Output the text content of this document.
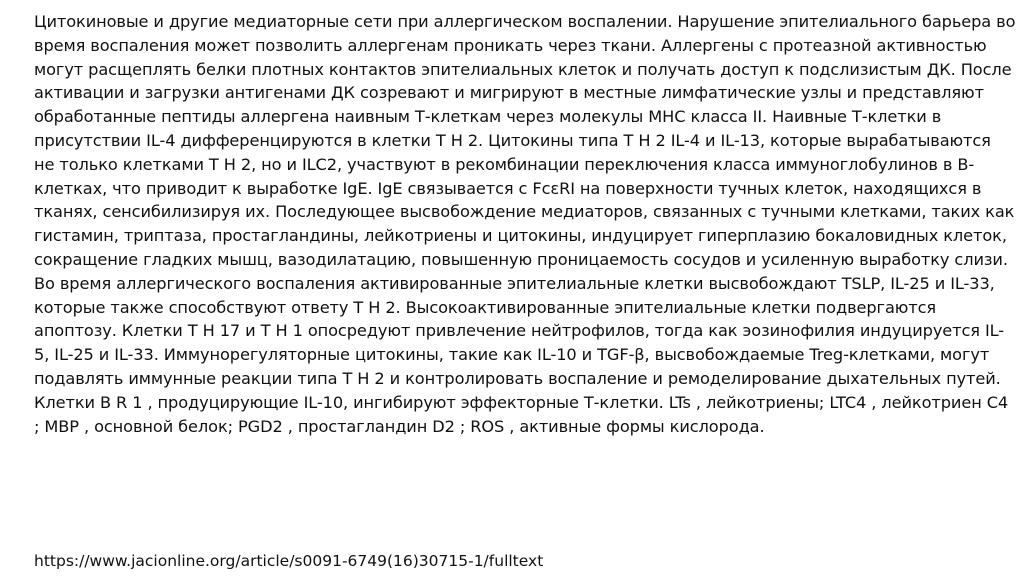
Цитокиновые и другие медиаторные сети при аллергическом воспалении. Нарушение эпителиального барьера во время воспаления может позволить аллергенам проникать через ткани. Аллергены с протеазной активностью могут расщеплять белки плотных контактов эпителиальных клеток и получать доступ к подслизистым ДК. После активации и загрузки антигенами ДК созревают и мигрируют в местные лимфатические узлы и представляют обработанные пептиды аллергена наивным Т-клеткам через молекулы MHC класса II. Наивные Т-клетки в присутствии IL-4 дифференцируются в клетки Т H 2. Цитокины типа Т H 2 IL-4 и IL-13, которые вырабатываются не только клетками Т H 2, но и ILC2, участвуют в рекомбинации переключения класса иммуноглобулинов в В-клетках, что приводит к выработке IgE. IgE связывается с FcεRI на поверхности тучных клеток, находящихся в тканях, сенсибилизируя их. Последующее высвобождение медиаторов, связанных с тучными клетками, таких как гистамин, триптаза, простагландины, лейкотриены и цитокины, индуцирует гиперплазию бокаловидных клеток, сокращение гладких мышц, вазодилатацию, повышенную проницаемость сосудов и усиленную выработку слизи. Во время аллергического воспаления активированные эпителиальные клетки высвобождают TSLP, IL-25 и IL-33, которые также способствуют ответу Т H 2. Высокоактивированные эпителиальные клетки подвергаются апоптозу. Клетки Т H 17 и Т H 1 опосредуют привлечение нейтрофилов, тогда как эозинофилия индуцируется IL-5, IL-25 и IL-33. Иммунорегуляторные цитокины, такие как IL-10 и TGF-β, высвобождаемые Treg-клетками, могут подавлять иммунные реакции типа Т H 2 и контролировать воспаление и ремоделирование дыхательных путей. Клетки B R 1 , продуцирующие IL-10, ингибируют эффекторные Т-клетки. LTs , лейкотриены; LTC4 , лейкотриен C4 ; MBP , основной белок; PGD2 , простагландин D2 ; ROS , активные формы кислорода.

https://www.jacionline.org/article/s0091-6749(16)30715-1/fulltext
